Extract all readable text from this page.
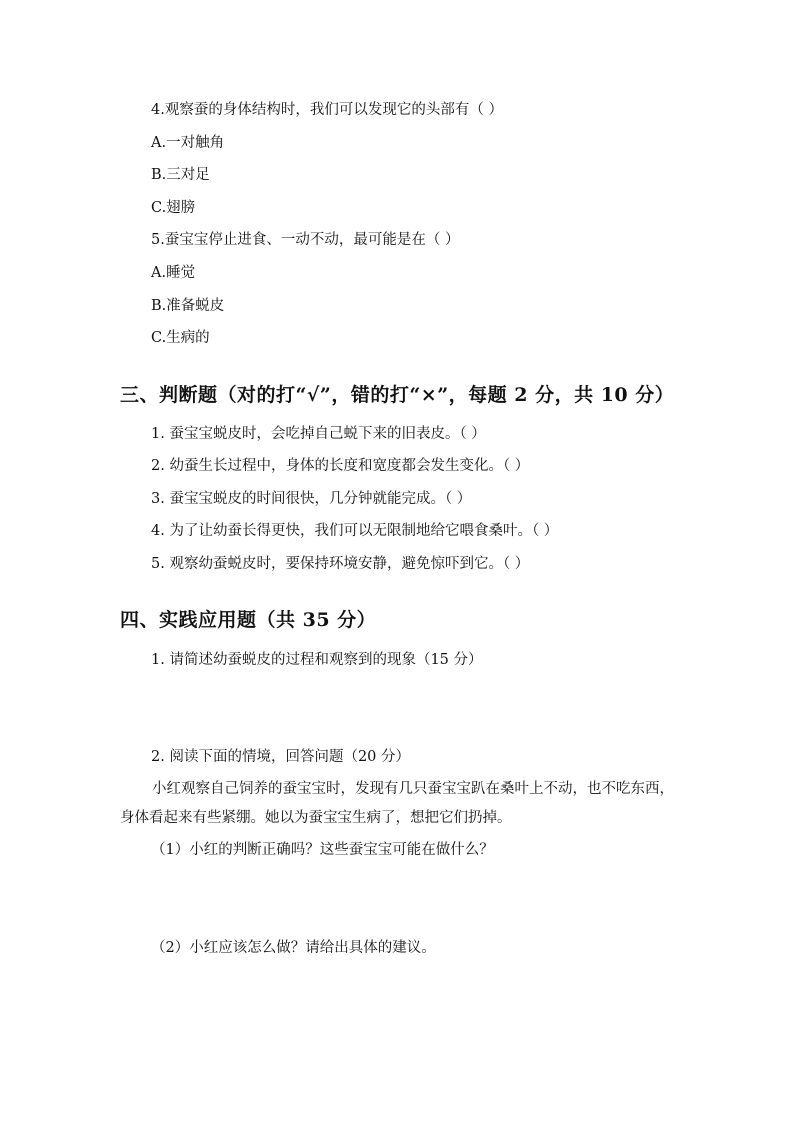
4.观察蚕的身体结构时，我们可以发现它的头部有（ ）
A.一对触角
B.三对足
C.翅膀
5.蚕宝宝停止进食、一动不动，最可能是在（ ）
A.睡觉
B.准备蜕皮
C.生病的
三、判断题（对的打“√”，错的打“×”，每题 2 分，共 10 分）
1. 蚕宝宝蜕皮时，会吃掉自己蜕下来的旧表皮。（ ）
2. 幼蚕生长过程中，身体的长度和宽度都会发生变化。（ ）
3. 蚕宝宝蜕皮的时间很快，几分钟就能完成。（ ）
4. 为了让幼蚕长得更快，我们可以无限制地给它喂食桑叶。（ ）
5. 观察幼蚕蜕皮时，要保持环境安静，避免惊吓到它。（ ）
四、实践应用题（共 35 分）
1. 请简述幼蚕蜕皮的过程和观察到的现象（15 分）
2. 阅读下面的情境，回答问题（20 分）
小红观察自己饲养的蚕宝宝时，发现有几只蚕宝宝趴在桑叶上不动，也不吃东西，身体看起来有些紧绷。她以为蚕宝宝生病了，想把它们扔掉。
（1）小红的判断正确吗？这些蚕宝宝可能在做什么？
（2）小红应该怎么做？请给出具体的建议。
